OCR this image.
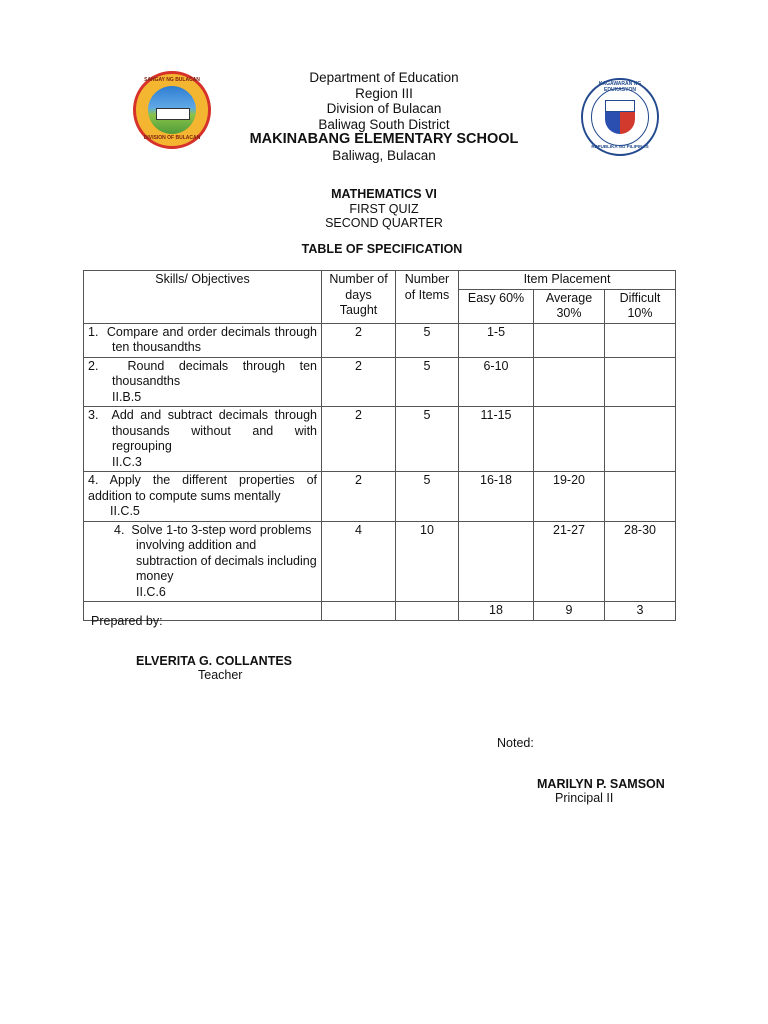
SANGAY NG BULACAN
DIVISION OF BULACAN
KAGAWARAN NG EDUKASYON
REPUBLIKA NG PILIPINAS
Department of Education
Region III
Division of Bulacan
Baliwag South District
MAKINABANG ELEMENTARY SCHOOL
Baliwag, Bulacan
MATHEMATICS VI
FIRST QUIZ
SECOND QUARTER
TABLE OF SPECIFICATION
Skills/ Objectives	Number of days Taught	Number of Items	Item Placement		
			Easy 60%	Average 30%	Difficult 10%

1.  Compare and order decimals through ten thousandths	2	5	1-5		

2.  Round decimals through ten thousandths
II.B.5	2	5	6-10		

3.  Add and subtract decimals through thousands without and with regrouping
II.C.3	2	5	11-15		

4. Apply the different properties of addition to compute sums mentally
II.C.5	2	5	16-18	19-20	

4.  Solve 1-to 3-step word problems involving addition and subtraction of decimals including money
II.C.6	4	10		21-27	28-30
			18	9	3
Prepared by:
ELVERITA G. COLLANTES
Teacher
Noted:
MARILYN P. SAMSON
Principal II
